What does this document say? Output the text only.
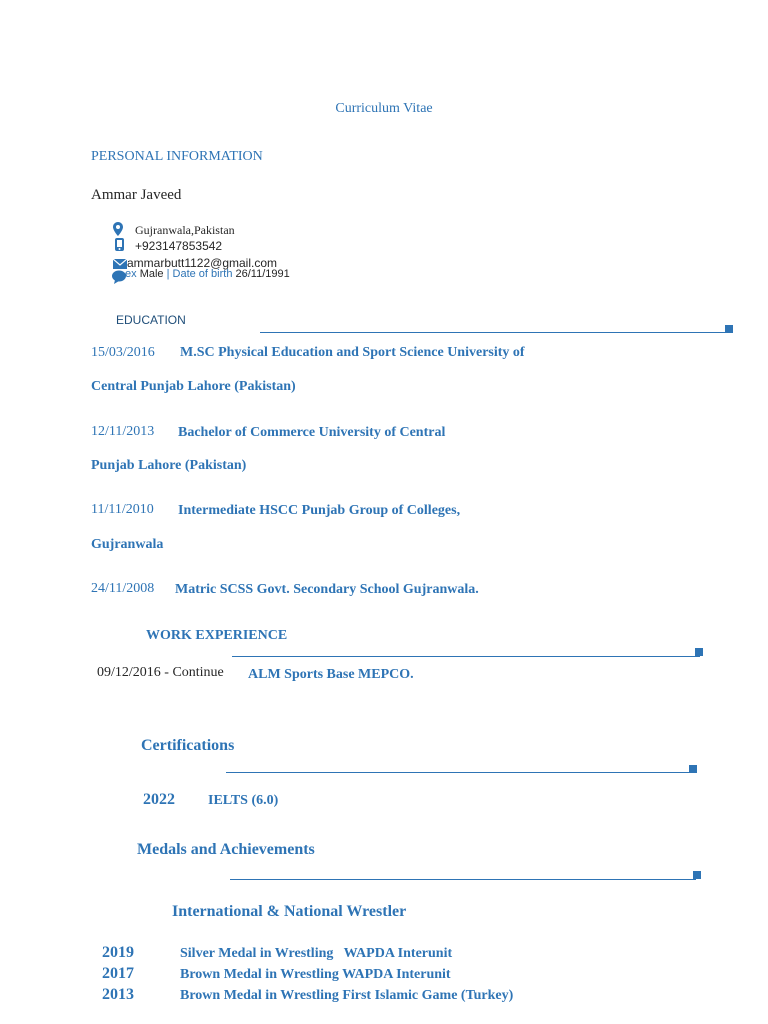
Curriculum Vitae
PERSONAL INFORMATION
Ammar Javeed
Gujranwala,Pakistan
+923147853542
ammarbutt1122@gmail.com
ex Male | Date of birth 26/11/1991
EDUCATION
15/03/2016 M.SC Physical Education and Sport Science University of
Central Punjab Lahore (Pakistan)
12/11/2013 Bachelor of Commerce University of Central
Punjab Lahore (Pakistan)
11/11/2010 Intermediate HSCC Punjab Group of Colleges,
Gujranwala
24/11/2008 Matric SCSS Govt. Secondary School Gujranwala.
WORK EXPERIENCE
09/12/2016 - Continue ALM Sports Base MEPCO.
Certifications
2022 IELTS (6.0)
Medals and Achievements
International & National Wrestler
2019	Silver Medal in Wrestling   WAPDA Interunit
2017	Brown Medal in Wrestling WAPDA Interunit
2013	Brown Medal in Wrestling First Islamic Game (Turkey)
